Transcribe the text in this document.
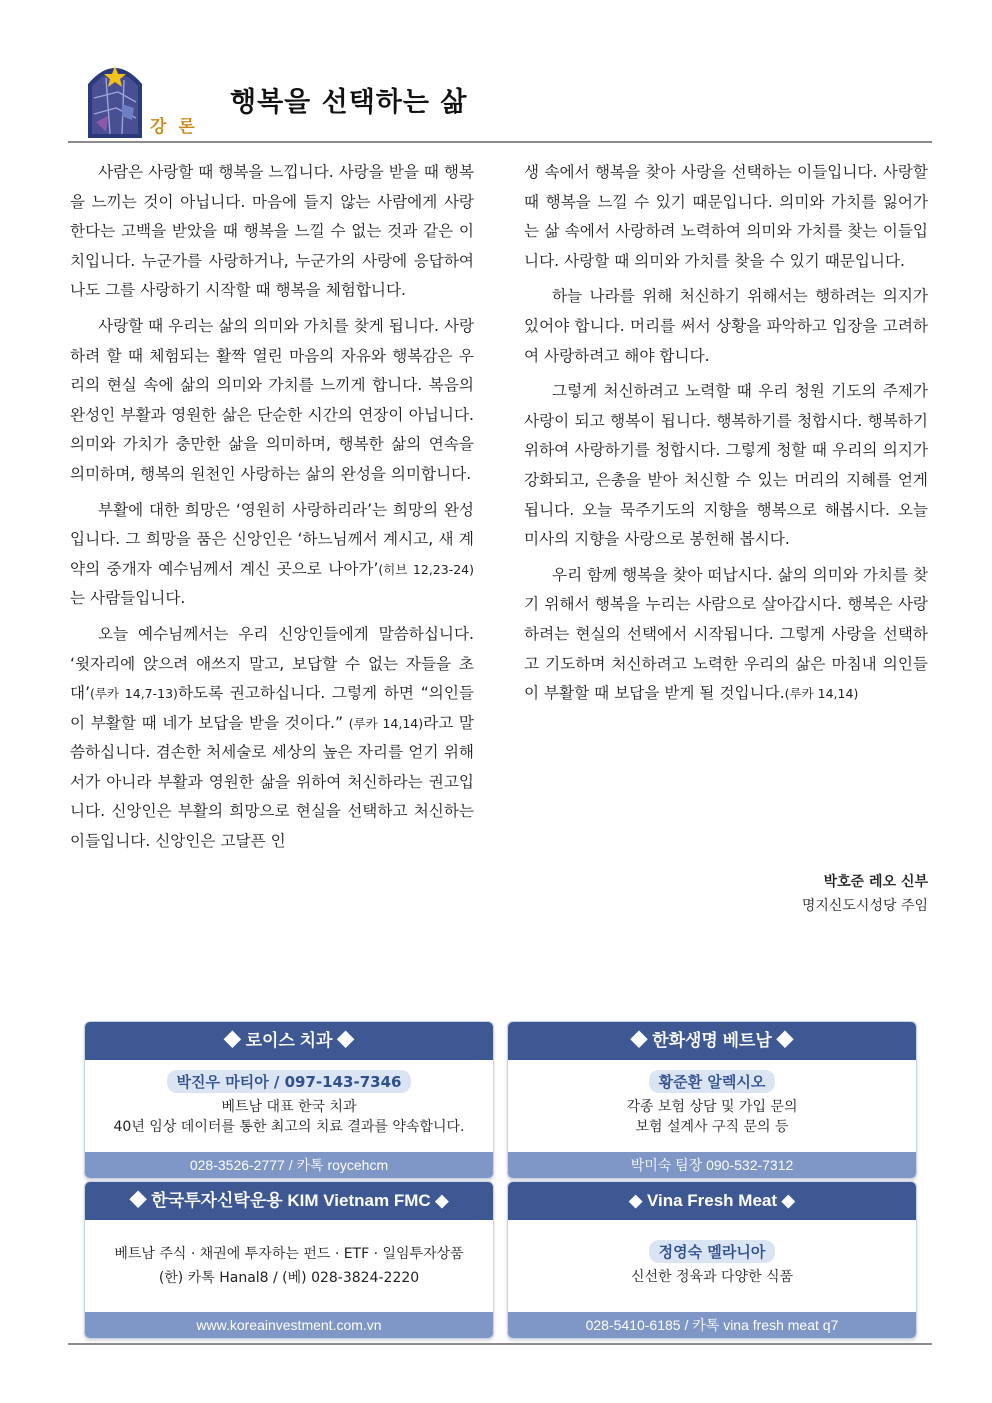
강 론
행복을 선택하는 삶

사람은 사랑할 때 행복을 느낍니다. 사랑을 받을 때 행복을 느끼는 것이 아닙니다. 마음에 들지 않는 사람에게 사랑한다는 고백을 받았을 때 행복을 느낄 수 없는 것과 같은 이치입니다. 누군가를 사랑하거나, 누군가의 사랑에 응답하여 나도 그를 사랑하기 시작할 때 행복을 체험합니다.

사랑할 때 우리는 삶의 의미와 가치를 찾게 됩니다. 사랑하려 할 때 체험되는 활짝 열린 마음의 자유와 행복감은 우리의 현실 속에 삶의 의미와 가치를 느끼게 합니다. 복음의 완성인 부활과 영원한 삶은 단순한 시간의 연장이 아닙니다. 의미와 가치가 충만한 삶을 의미하며, 행복한 삶의 연속을 의미하며, 행복의 원천인 사랑하는 삶의 완성을 의미합니다.

부활에 대한 희망은 ‘영원히 사랑하리라’는 희망의 완성입니다. 그 희망을 품은 신앙인은 ‘하느님께서 계시고, 새 계약의 중개자 예수님께서 계신 곳으로 나아가’(히브 12,23-24)는 사람들입니다.

오늘 예수님께서는 우리 신앙인들에게 말씀하십니다. ‘윗자리에 앉으려 애쓰지 말고, 보답할 수 없는 자들을 초대’(루카 14,7-13)하도록 권고하십니다. 그렇게 하면 “의인들이 부활할 때 네가 보답을 받을 것이다.” (루카 14,14)라고 말씀하십니다. 겸손한 처세술로 세상의 높은 자리를 얻기 위해서가 아니라 부활과 영원한 삶을 위하여 처신하라는 권고입니다. 신앙인은 부활의 희망으로 현실을 선택하고 처신하는 이들입니다. 신앙인은 고달픈 인

생 속에서 행복을 찾아 사랑을 선택하는 이들입니다. 사랑할 때 행복을 느낄 수 있기 때문입니다. 의미와 가치를 잃어가는 삶 속에서 사랑하려 노력하여 의미와 가치를 찾는 이들입니다. 사랑할 때 의미와 가치를 찾을 수 있기 때문입니다.

하늘 나라를 위해 처신하기 위해서는 행하려는 의지가 있어야 합니다. 머리를 써서 상황을 파악하고 입장을 고려하여 사랑하려고 해야 합니다.

그렇게 처신하려고 노력할 때 우리 청원 기도의 주제가 사랑이 되고 행복이 됩니다. 행복하기를 청합시다. 행복하기 위하여 사랑하기를 청합시다. 그렇게 청할 때 우리의 의지가 강화되고, 은총을 받아 처신할 수 있는 머리의 지혜를 얻게 됩니다. 오늘 묵주기도의 지향을 행복으로 해봅시다. 오늘 미사의 지향을 사랑으로 봉헌해 봅시다.

우리 함께 행복을 찾아 떠납시다. 삶의 의미와 가치를 찾기 위해서 행복을 누리는 사람으로 살아갑시다. 행복은 사랑하려는 현실의 선택에서 시작됩니다. 그렇게 사랑을 선택하고 기도하며 처신하려고 노력한 우리의 삶은 마침내 의인들이 부활할 때 보답을 받게 될 것입니다.(루카 14,14)

박호준 레오 신부
명지신도시성당 주임
◆ 로이스 치과 ◆
박진우 마티아 / 097-143-7346
베트남 대표 한국 치과
40년 임상 데이터를 통한 최고의 치료 결과를 약속합니다.
028-3526-2777 / 카톡 roycehcm
◆ 한화생명 베트남 ◆
황준환 알렉시오
각종 보험 상담 및 가입 문의
보험 설계사 구직 문의 등
박미숙 팀장 090-532-7312
◆ 한국투자신탁운용 KIM Vietnam FMC ◆
베트남 주식 · 채권에 투자하는 펀드 · ETF · 일임투자상품
(한) 카톡 Hanal8 / (베) 028-3824-2220
www.koreainvestment.com.vn
◆ Vina Fresh Meat ◆
정영숙 멜라니아
신선한 정육과 다양한 식품
028-5410-6185 / 카톡 vina fresh meat q7
